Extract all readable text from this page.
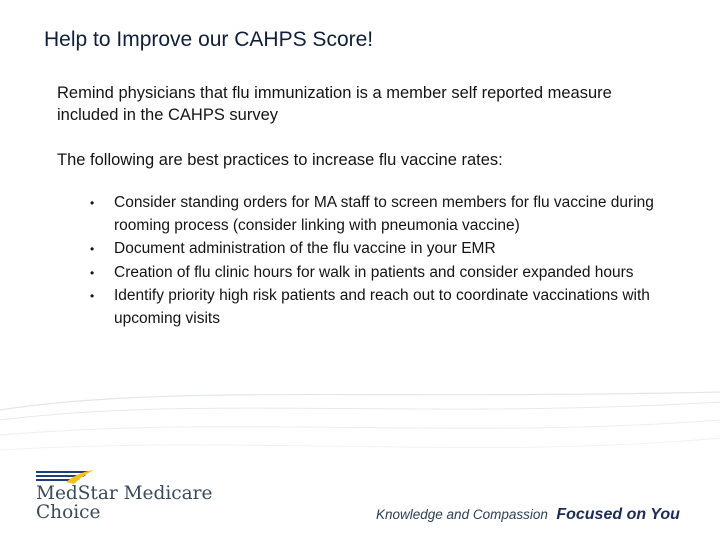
Help to Improve our CAHPS Score!

Remind physicians that flu immunization is a member self reported measure included in the CAHPS survey

The following are best practices to increase flu vaccine rates:

• Consider standing orders for MA staff to screen members for flu vaccine during rooming process (consider linking with pneumonia vaccine)
• Document administration of the flu vaccine in your EMR
• Creation of flu clinic hours for walk in patients and consider expanded hours
• Identify priority high risk patients and reach out to coordinate vaccinations with upcoming visits
MedStar Medicare
Choice	Knowledge and Compassion Focused on You
